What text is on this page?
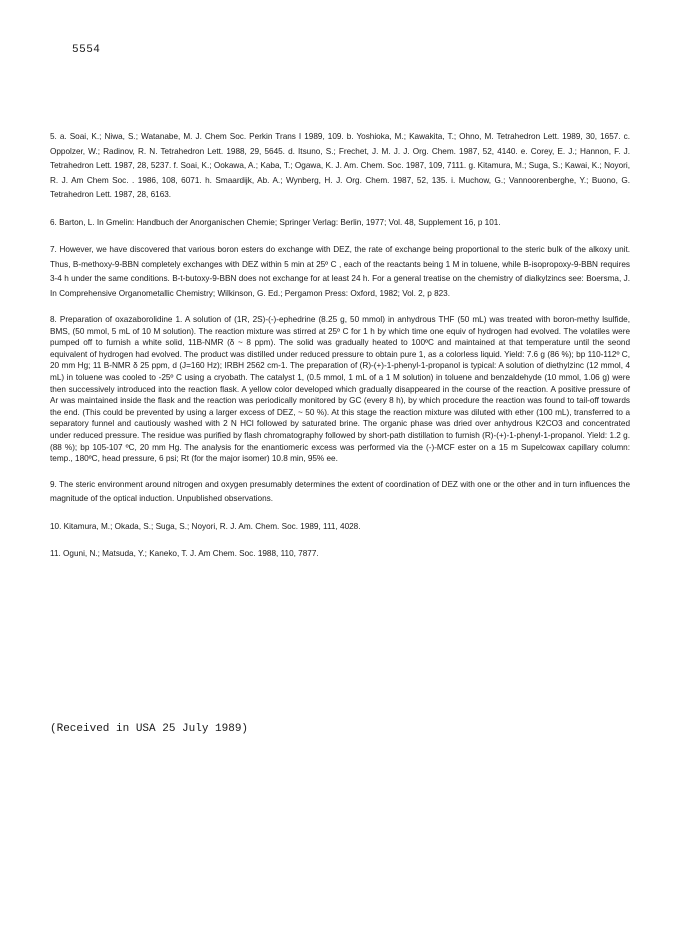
5554

5. a. Soai, K.; Niwa, S.; Watanabe, M. J. Chem Soc. Perkin Trans I 1989, 109. b. Yoshioka, M.; Kawakita, T.; Ohno, M. Tetrahedron Lett. 1989, 30, 1657. c. Oppolzer, W.; Radinov, R. N. Tetrahedron Lett. 1988, 29, 5645. d. Itsuno, S.; Frechet, J. M. J. J. Org. Chem. 1987, 52, 4140. e. Corey, E. J.; Hannon, F. J. Tetrahedron Lett. 1987, 28, 5237. f. Soai, K.; Ookawa, A.; Kaba, T.; Ogawa, K. J. Am. Chem. Soc. 1987, 109, 7111. g. Kitamura, M.; Suga, S.; Kawai, K.; Noyori, R. J. Am Chem Soc. . 1986, 108, 6071. h. Smaardijk, Ab. A.; Wynberg, H. J. Org. Chem. 1987, 52, 135. i. Muchow, G.; Vannoorenberghe, Y.; Buono, G. Tetrahedron Lett. 1987, 28, 6163.

6. Barton, L. In Gmelin: Handbuch der Anorganischen Chemie; Springer Verlag: Berlin, 1977; Vol. 48, Supplement 16, p 101.

7. However, we have discovered that various boron esters do exchange with DEZ, the rate of exchange being proportional to the steric bulk of the alkoxy unit. Thus, B-methoxy-9-BBN completely exchanges with DEZ within 5 min at 25º C , each of the reactants being 1 M in toluene, while B-isopropoxy-9-BBN requires 3-4 h under the same conditions. B-t-butoxy-9-BBN does not exchange for at least 24 h. For a general treatise on the chemistry of dialkylzincs see: Boersma, J. In Comprehensive Organometallic Chemistry; Wilkinson, G. Ed.; Pergamon Press: Oxford, 1982; Vol. 2, p 823.

8. Preparation of oxazaborolidine 1. A solution of (1R, 2S)-(-)-ephedrine (8.25 g, 50 mmol) in anhydrous THF (50 mL) was treated with boron-methy lsulfide, BMS, (50 mmol, 5 mL of 10 M solution). The reaction mixture was stirred at 25º C for 1 h by which time one equiv of hydrogen had evolved. The volatiles were pumped off to furnish a white solid, 11B-NMR (δ ~ 8 ppm). The solid was gradually heated to 100ºC and maintained at that temperature until the seond equivalent of hydrogen had evolved. The product was distilled under reduced pressure to obtain pure 1, as a colorless liquid. Yield: 7.6 g (86 %); bp 110-112º C, 20 mm Hg; 11 B-NMR δ 25 ppm, d (J=160 Hz); IRBH 2562 cm-1. The preparation of (R)-(+)-1-phenyl-1-propanol is typical: A solution of diethylzinc (12 mmol, 4 mL) in toluene was cooled to -25º C using a cryobath. The catalyst 1, (0.5 mmol, 1 mL of a 1 M solution) in toluene and benzaldehyde (10 mmol, 1.06 g) were then successively introduced into the reaction flask. A yellow color developed which gradually disappeared in the course of the reaction. A positive pressure of Ar was maintained inside the flask and the reaction was periodically monitored by GC (every 8 h), by which procedure the reaction was found to tail-off towards the end. (This could be prevented by using a larger excess of DEZ, ~ 50 %). At this stage the reaction mixture was diluted with ether (100 mL), transferred to a separatory funnel and cautiously washed with 2 N HCl followed by saturated brine. The organic phase was dried over anhydrous K2CO3 and concentrated under reduced pressure. The residue was purified by flash chromatography followed by short-path distillation to furnish (R)-(+)-1-phenyl-1-propanol. Yield: 1.2 g. (88 %); bp 105-107 ºC, 20 mm Hg. The analysis for the enantiomeric excess was performed via the (-)-MCF ester on a 15 m Supelcowax capillary column: temp., 180ºC, head pressure, 6 psi; Rt (for the major isomer) 10.8 min, 95% ee.

9. The steric environment around nitrogen and oxygen presumably determines the extent of coordination of DEZ with one or the other and in turn influences the magnitude of the optical induction. Unpublished observations.

10. Kitamura, M.; Okada, S.; Suga, S.; Noyori, R. J. Am. Chem. Soc. 1989, 111, 4028.

11. Oguni, N.; Matsuda, Y.; Kaneko, T. J. Am Chem. Soc. 1988, 110, 7877.

(Received in USA 25 July 1989)
